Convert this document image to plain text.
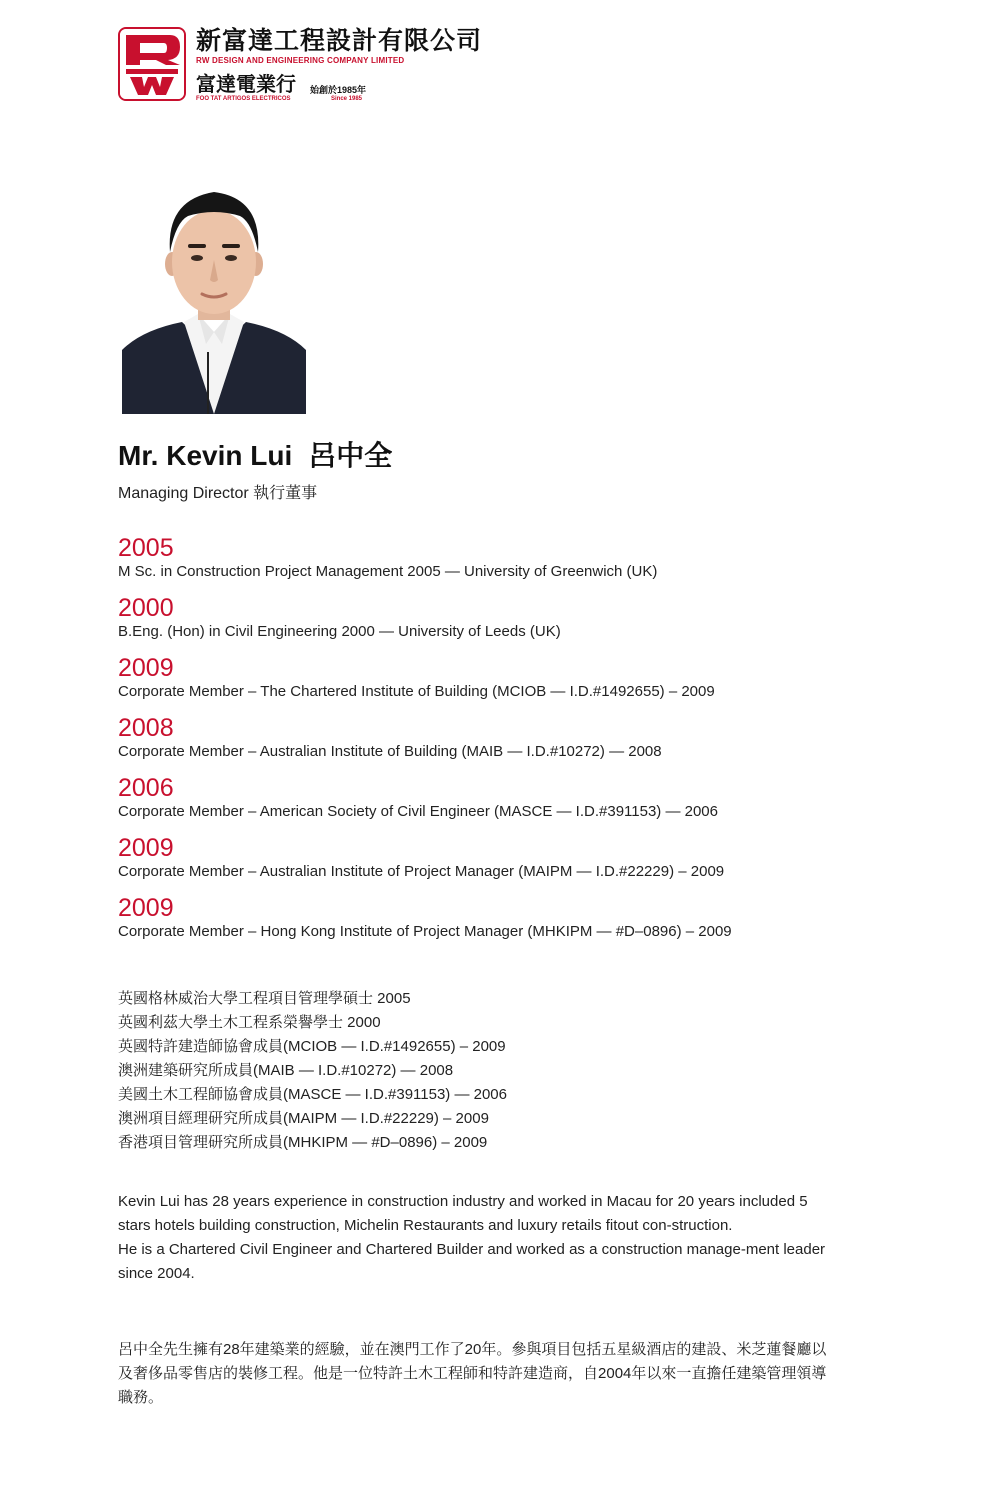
新富達工程設計有限公司
RW DESIGN AND ENGINEERING COMPANY LIMITED
富達電業行 始創於1985年
FOO TAT ARTIGOS ELECTRICOS	Since 1985
Mr. Kevin Lui 呂中全
Managing Director 執行董事
2005
M Sc. in Construction Project Management 2005 — University of Greenwich (UK)
2000
B.Eng. (Hon) in Civil Engineering 2000 — University of Leeds (UK)
2009
Corporate Member – The Chartered Institute of Building (MCIOB — I.D.#1492655) – 2009
2008
Corporate Member – Australian Institute of Building (MAIB — I.D.#10272) — 2008
2006
Corporate Member – American Society of Civil Engineer (MASCE — I.D.#391153) — 2006
2009
Corporate Member – Australian Institute of Project Manager (MAIPM — I.D.#22229) – 2009
2009
Corporate Member – Hong Kong Institute of Project Manager (MHKIPM — #D–0896) – 2009
英國格林威治大學工程項目管理學碩士 2005
英國利茲大學土木工程系榮譽學士 2000
英國特許建造師協會成員(MCIOB — I.D.#1492655) – 2009
澳洲建築研究所成員(MAIB — I.D.#10272) — 2008
美國土木工程師協會成員(MASCE — I.D.#391153) — 2006
澳洲項目經理研究所成員(MAIPM — I.D.#22229) – 2009
香港項目管理研究所成員(MHKIPM — #D–0896) – 2009

Kevin Lui has 28 years experience in construction industry and worked in Macau for 20 years included 5 stars hotels building construction, Michelin Restaurants and luxury retails fitout con-struction.

He is a Chartered Civil Engineer and Chartered Builder and worked as a construction manage-ment leader since 2004.

呂中全先生擁有28年建築業的經驗，並在澳門工作了20年。參與項目包括五星級酒店的建設、米芝蓮餐廳以及奢侈品零售店的裝修工程。他是一位特許土木工程師和特許建造商，自2004年以來一直擔任建築管理領導職務。
